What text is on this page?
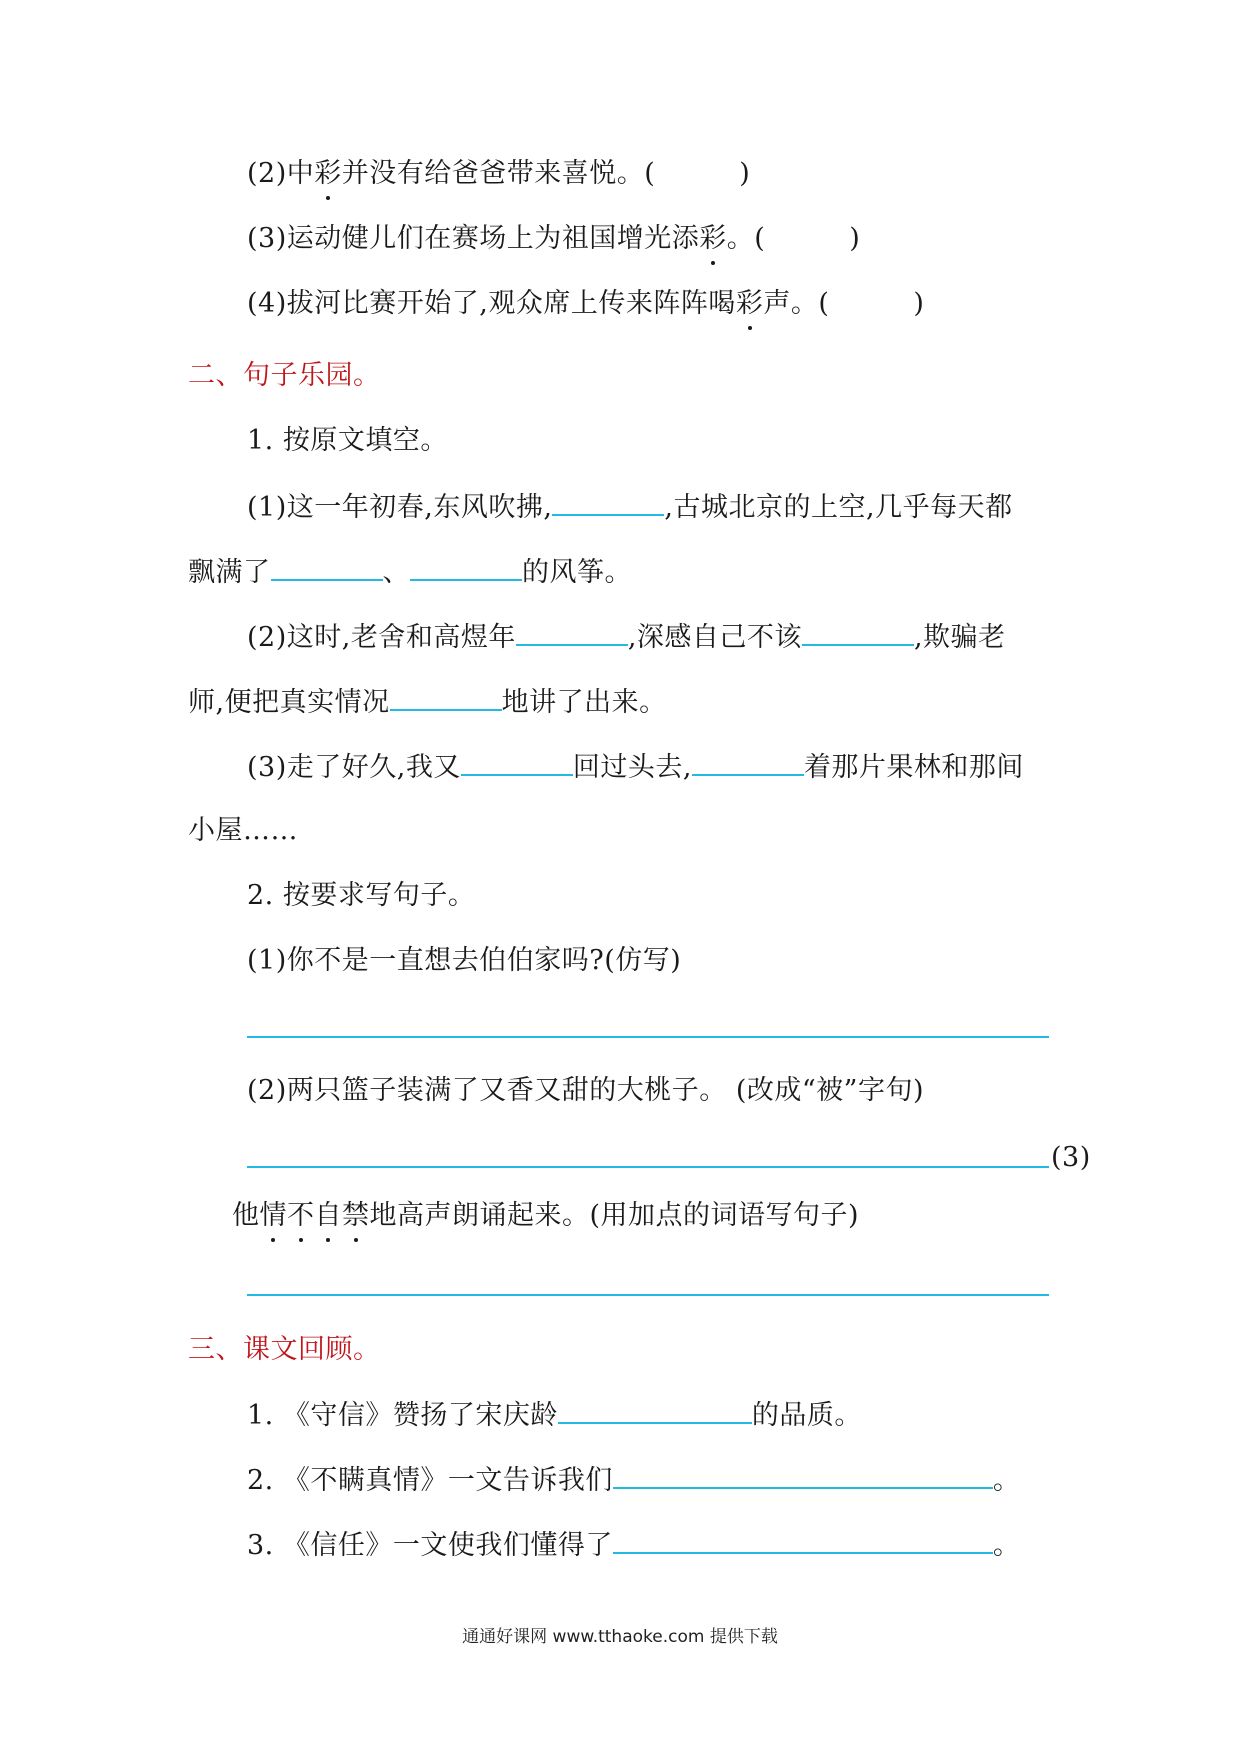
(2)中彩并没有给爸爸带来喜悦。(	)
(3)运动健儿们在赛场上为祖国增光添彩。(	)
(4)拔河比赛开始了,观众席上传来阵阵喝彩声。(	)
二、句子乐园。
1. 按原文填空。
(1)这一年初春,东风吹拂,	,古城北京的上空,几乎每天都
飘满了	、	的风筝。
(2)这时,老舍和高煜年	,深感自己不该	,欺骗老
师,便把真实情况	地讲了出来。
(3)走了好久,我又	回过头去,	着那片果林和那间
小屋……
2. 按要求写句子。
(1)你不是一直想去伯伯家吗?(仿写)
(2)两只篮子装满了又香又甜的大桃子。 (改成“被”字句)
(3)
他情不自禁地高声朗诵起来。(用加点的词语写句子)
三、课文回顾。
1. 《守信》赞扬了宋庆龄	的品质。
2. 《不瞒真情》一文告诉我们	。
3. 《信任》一文使我们懂得了	。
通通好课网 www.tthaoke.com 提供下载
